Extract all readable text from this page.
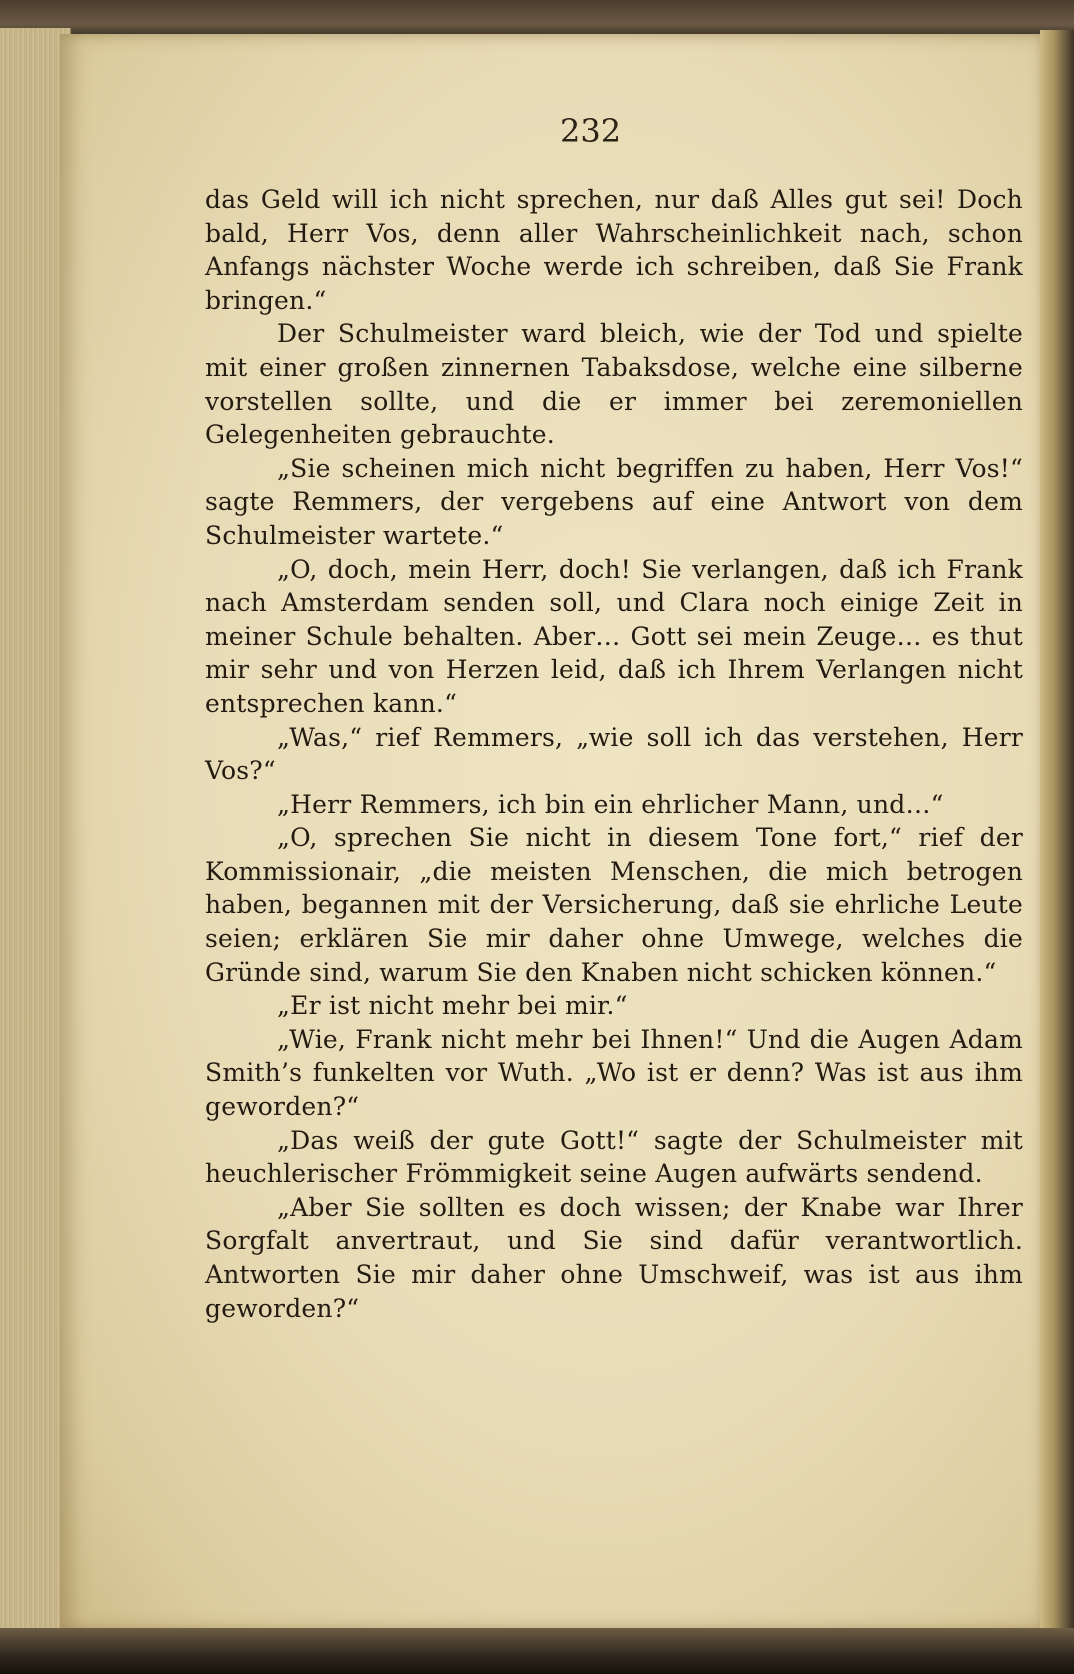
232

das Geld will ich nicht sprechen, nur daß Alles gut sei! Doch bald, Herr Vos, denn aller Wahrscheinlichkeit nach, schon Anfangs nächster Woche werde ich schreiben, daß Sie Frank bringen.“

Der Schulmeister ward bleich, wie der Tod und spielte mit einer großen zinnernen Tabaksdose, welche eine silberne vorstellen sollte, und die er immer bei zeremoniellen Gelegenheiten gebrauchte.

„Sie scheinen mich nicht begriffen zu haben, Herr Vos!“ sagte Remmers, der vergebens auf eine Antwort von dem Schulmeister wartete.“

„O, doch, mein Herr, doch! Sie verlangen, daß ich Frank nach Amsterdam senden soll, und Clara noch einige Zeit in meiner Schule behalten. Aber… Gott sei mein Zeuge… es thut mir sehr und von Herzen leid, daß ich Ihrem Verlangen nicht entsprechen kann.“

„Was,“ rief Remmers, „wie soll ich das verstehen, Herr Vos?“

„Herr Remmers, ich bin ein ehrlicher Mann, und…“

„O, sprechen Sie nicht in diesem Tone fort,“ rief der Kommissionair, „die meisten Menschen, die mich betrogen haben, begannen mit der Versicherung, daß sie ehrliche Leute seien; erklären Sie mir daher ohne Umwege, welches die Gründe sind, warum Sie den Knaben nicht schicken können.“

„Er ist nicht mehr bei mir.“

„Wie, Frank nicht mehr bei Ihnen!“ Und die Augen Adam Smith’s funkelten vor Wuth. „Wo ist er denn? Was ist aus ihm geworden?“

„Das weiß der gute Gott!“ sagte der Schulmeister mit heuchlerischer Frömmigkeit seine Augen aufwärts sendend.

„Aber Sie sollten es doch wissen; der Knabe war Ihrer Sorgfalt anvertraut, und Sie sind dafür verantwortlich. Antworten Sie mir daher ohne Umschweif, was ist aus ihm geworden?“
